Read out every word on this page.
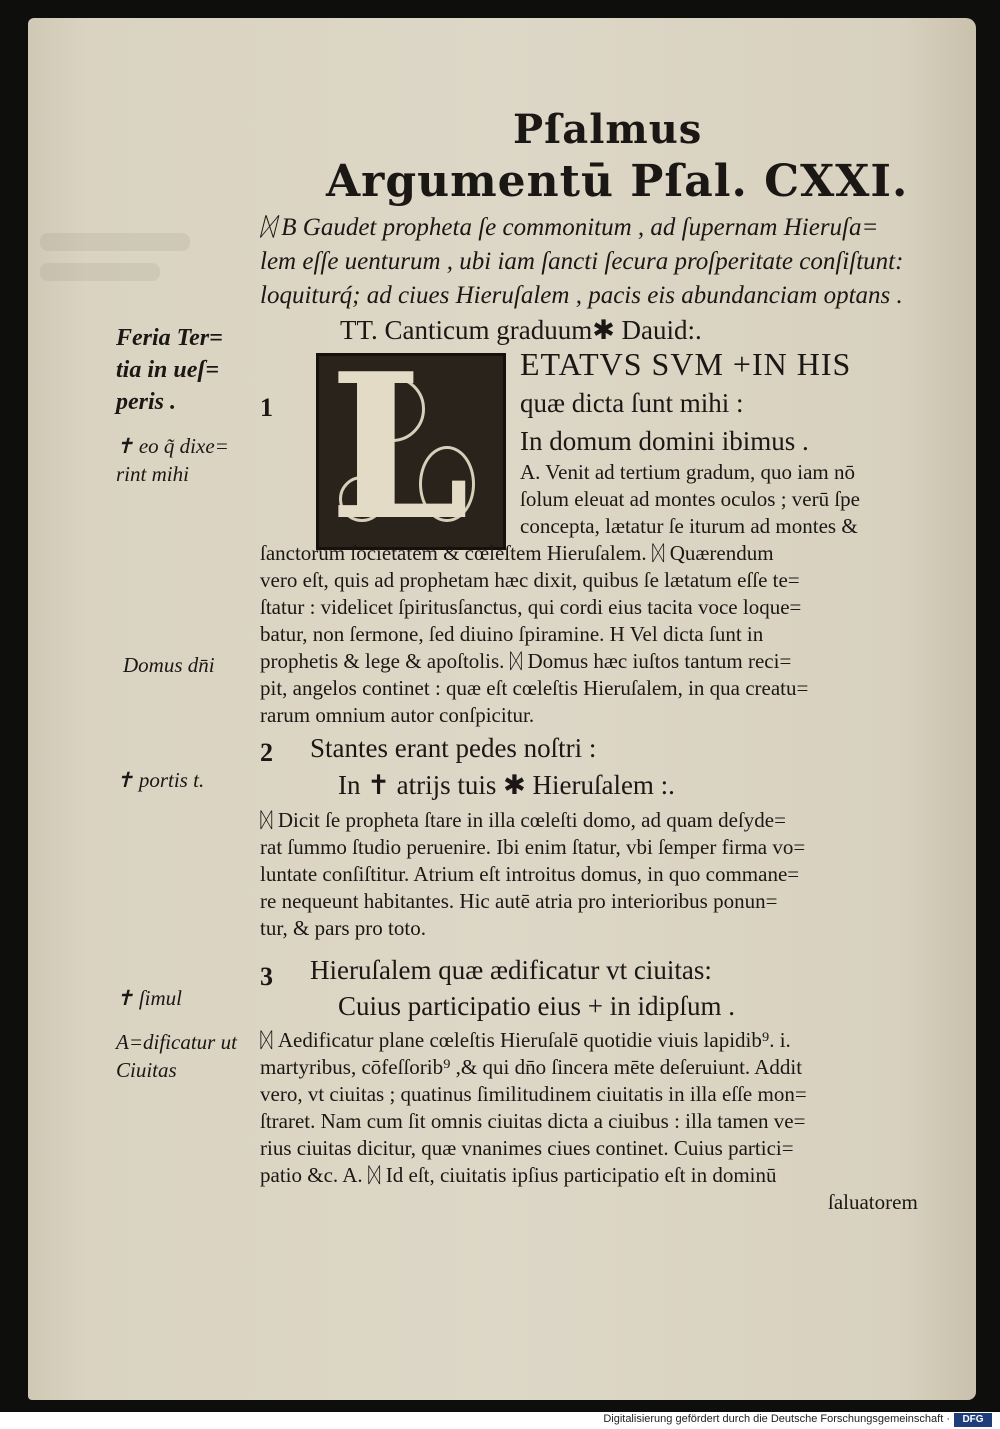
Pſalmus
Argumentū Pſal. CXXI.
ᛞ B Gaudet propheta ſe commonitum , ad ſupernam Hieruſa=
lem eſſe uenturum , ubi iam ſancti ſecura proſperitate conſiſtunt:
loquiturq́; ad ciues Hieruſalem , pacis eis abundanciam optans .
TT. Canticum graduum✱ Dauid:.
L
1
ETATVS SVM +IN HIS
quæ dicta ſunt mihi :
In domum domini ibimus .
A. Venit ad tertium gradum, quo iam nō
ſolum eleuat ad montes oculos ; verū ſpe
concepta, lætatur ſe iturum ad montes &
ſanctorum ſocietatem & cœleſtem Hieruſalem. ᛞ Quærendum
vero eſt, quis ad prophetam hæc dixit, quibus ſe lætatum eſſe te=
ſtatur : videlicet ſpiritusſanctus, qui cordi eius tacita voce loque=
batur, non ſermone, ſed diuino ſpiramine. H Vel dicta ſunt in
prophetis & lege & apoſtolis. ᛞ Domus hæc iuſtos tantum reci=
pit, angelos continet : quæ eſt cœleſtis Hieruſalem, in qua creatu=
rarum omnium autor conſpicitur.
2 Stantes erant pedes noſtri :
In ✝ atrijs tuis ✱ Hieruſalem :.
ᛞ Dicit ſe propheta ſtare in illa cœleſti domo, ad quam deſyde=
rat ſummo ſtudio peruenire. Ibi enim ſtatur, vbi ſemper firma vo=
luntate conſiſtitur. Atrium eſt introitus domus, in quo commane=
re nequeunt habitantes. Hic autē atria pro interioribus ponun=
tur, & pars pro toto.
3 Hieruſalem quæ ædificatur vt ciuitas:
Cuius participatio eius + in idipſum .
ᛞ Aedificatur plane cœleſtis Hieruſalē quotidie viuis lapidib⁹. i.
martyribus, cōfeſſorib⁹ ,& qui dn̄o ſincera mēte deſeruiunt. Addit
vero, vt ciuitas ; quatinus ſimilitudinem ciuitatis in illa eſſe mon=
ſtraret. Nam cum ſit omnis ciuitas dicta a ciuibus : illa tamen ve=
rius ciuitas dicitur, quæ vnanimes ciues continet. Cuius partici=
patio &c. A. ᛞ Id eſt, ciuitatis ipſius participatio eſt in dominū
ſaluatorem
Feria Ter=
tia in ueſ=
peris .
✝ eo q̃ dixe=
rint mihi
Domus dn̄i
✝ portis t.
✝ ſimul
A=dificatur ut
Ciuitas
Digitalisierung gefördert durch die Deutsche Forschungsgemeinschaft ·	DFG
